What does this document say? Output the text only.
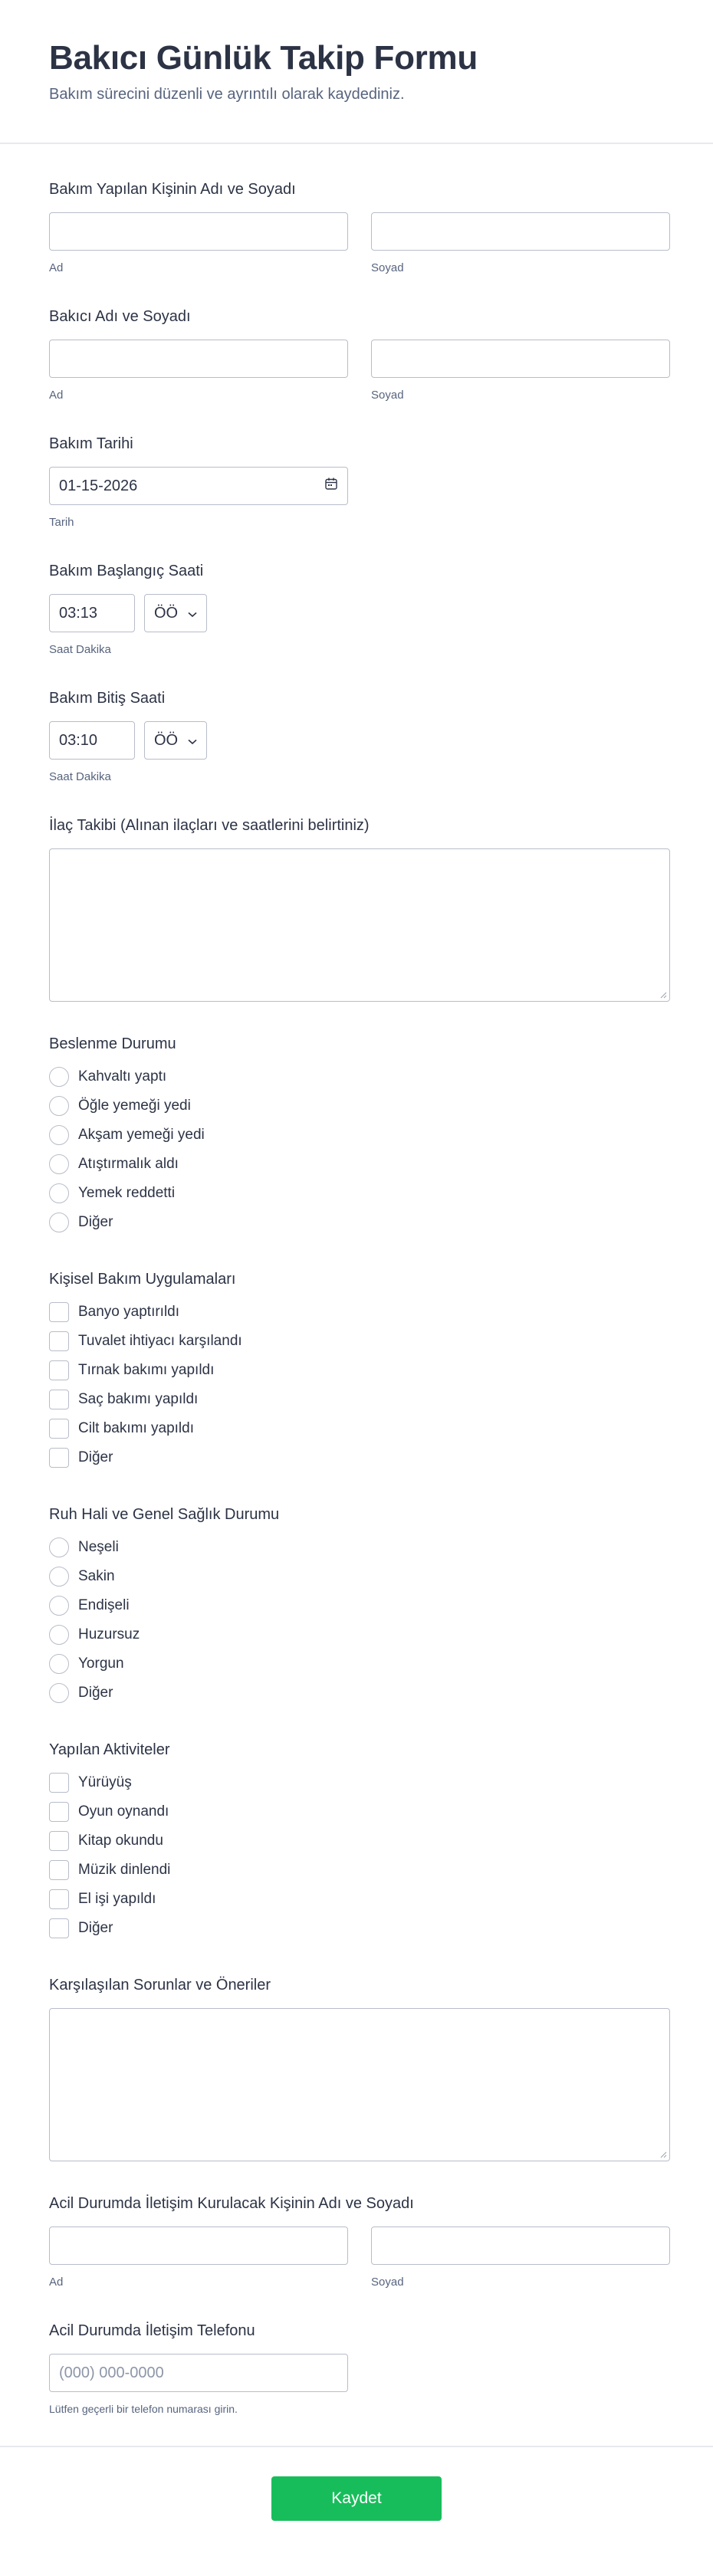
Bakıcı Günlük Takip Formu
Bakım sürecini düzenli ve ayrıntılı olarak kaydediniz.
Bakım Yapılan Kişinin Adı ve Soyadı
Ad	Soyad
Bakıcı Adı ve Soyadı
Ad	Soyad
Bakım Tarihi
01-15-2026
Tarih
Bakım Başlangıç Saati
03:13	ÖÖ
Saat Dakika
Bakım Bitiş Saati
03:10	ÖÖ
Saat Dakika
İlaç Takibi (Alınan ilaçları ve saatlerini belirtiniz)
Beslenme Durumu
Kahvaltı yaptı
Öğle yemeği yedi
Akşam yemeği yedi
Atıştırmalık aldı
Yemek reddetti
Diğer
Kişisel Bakım Uygulamaları
Banyo yaptırıldı
Tuvalet ihtiyacı karşılandı
Tırnak bakımı yapıldı
Saç bakımı yapıldı
Cilt bakımı yapıldı
Diğer
Ruh Hali ve Genel Sağlık Durumu
Neşeli
Sakin
Endişeli
Huzursuz
Yorgun
Diğer
Yapılan Aktiviteler
Yürüyüş
Oyun oynandı
Kitap okundu
Müzik dinlendi
El işi yapıldı
Diğer
Karşılaşılan Sorunlar ve Öneriler
Acil Durumda İletişim Kurulacak Kişinin Adı ve Soyadı
Ad	Soyad
Acil Durumda İletişim Telefonu
(000) 000-0000
Lütfen geçerli bir telefon numarası girin.
Kaydet
